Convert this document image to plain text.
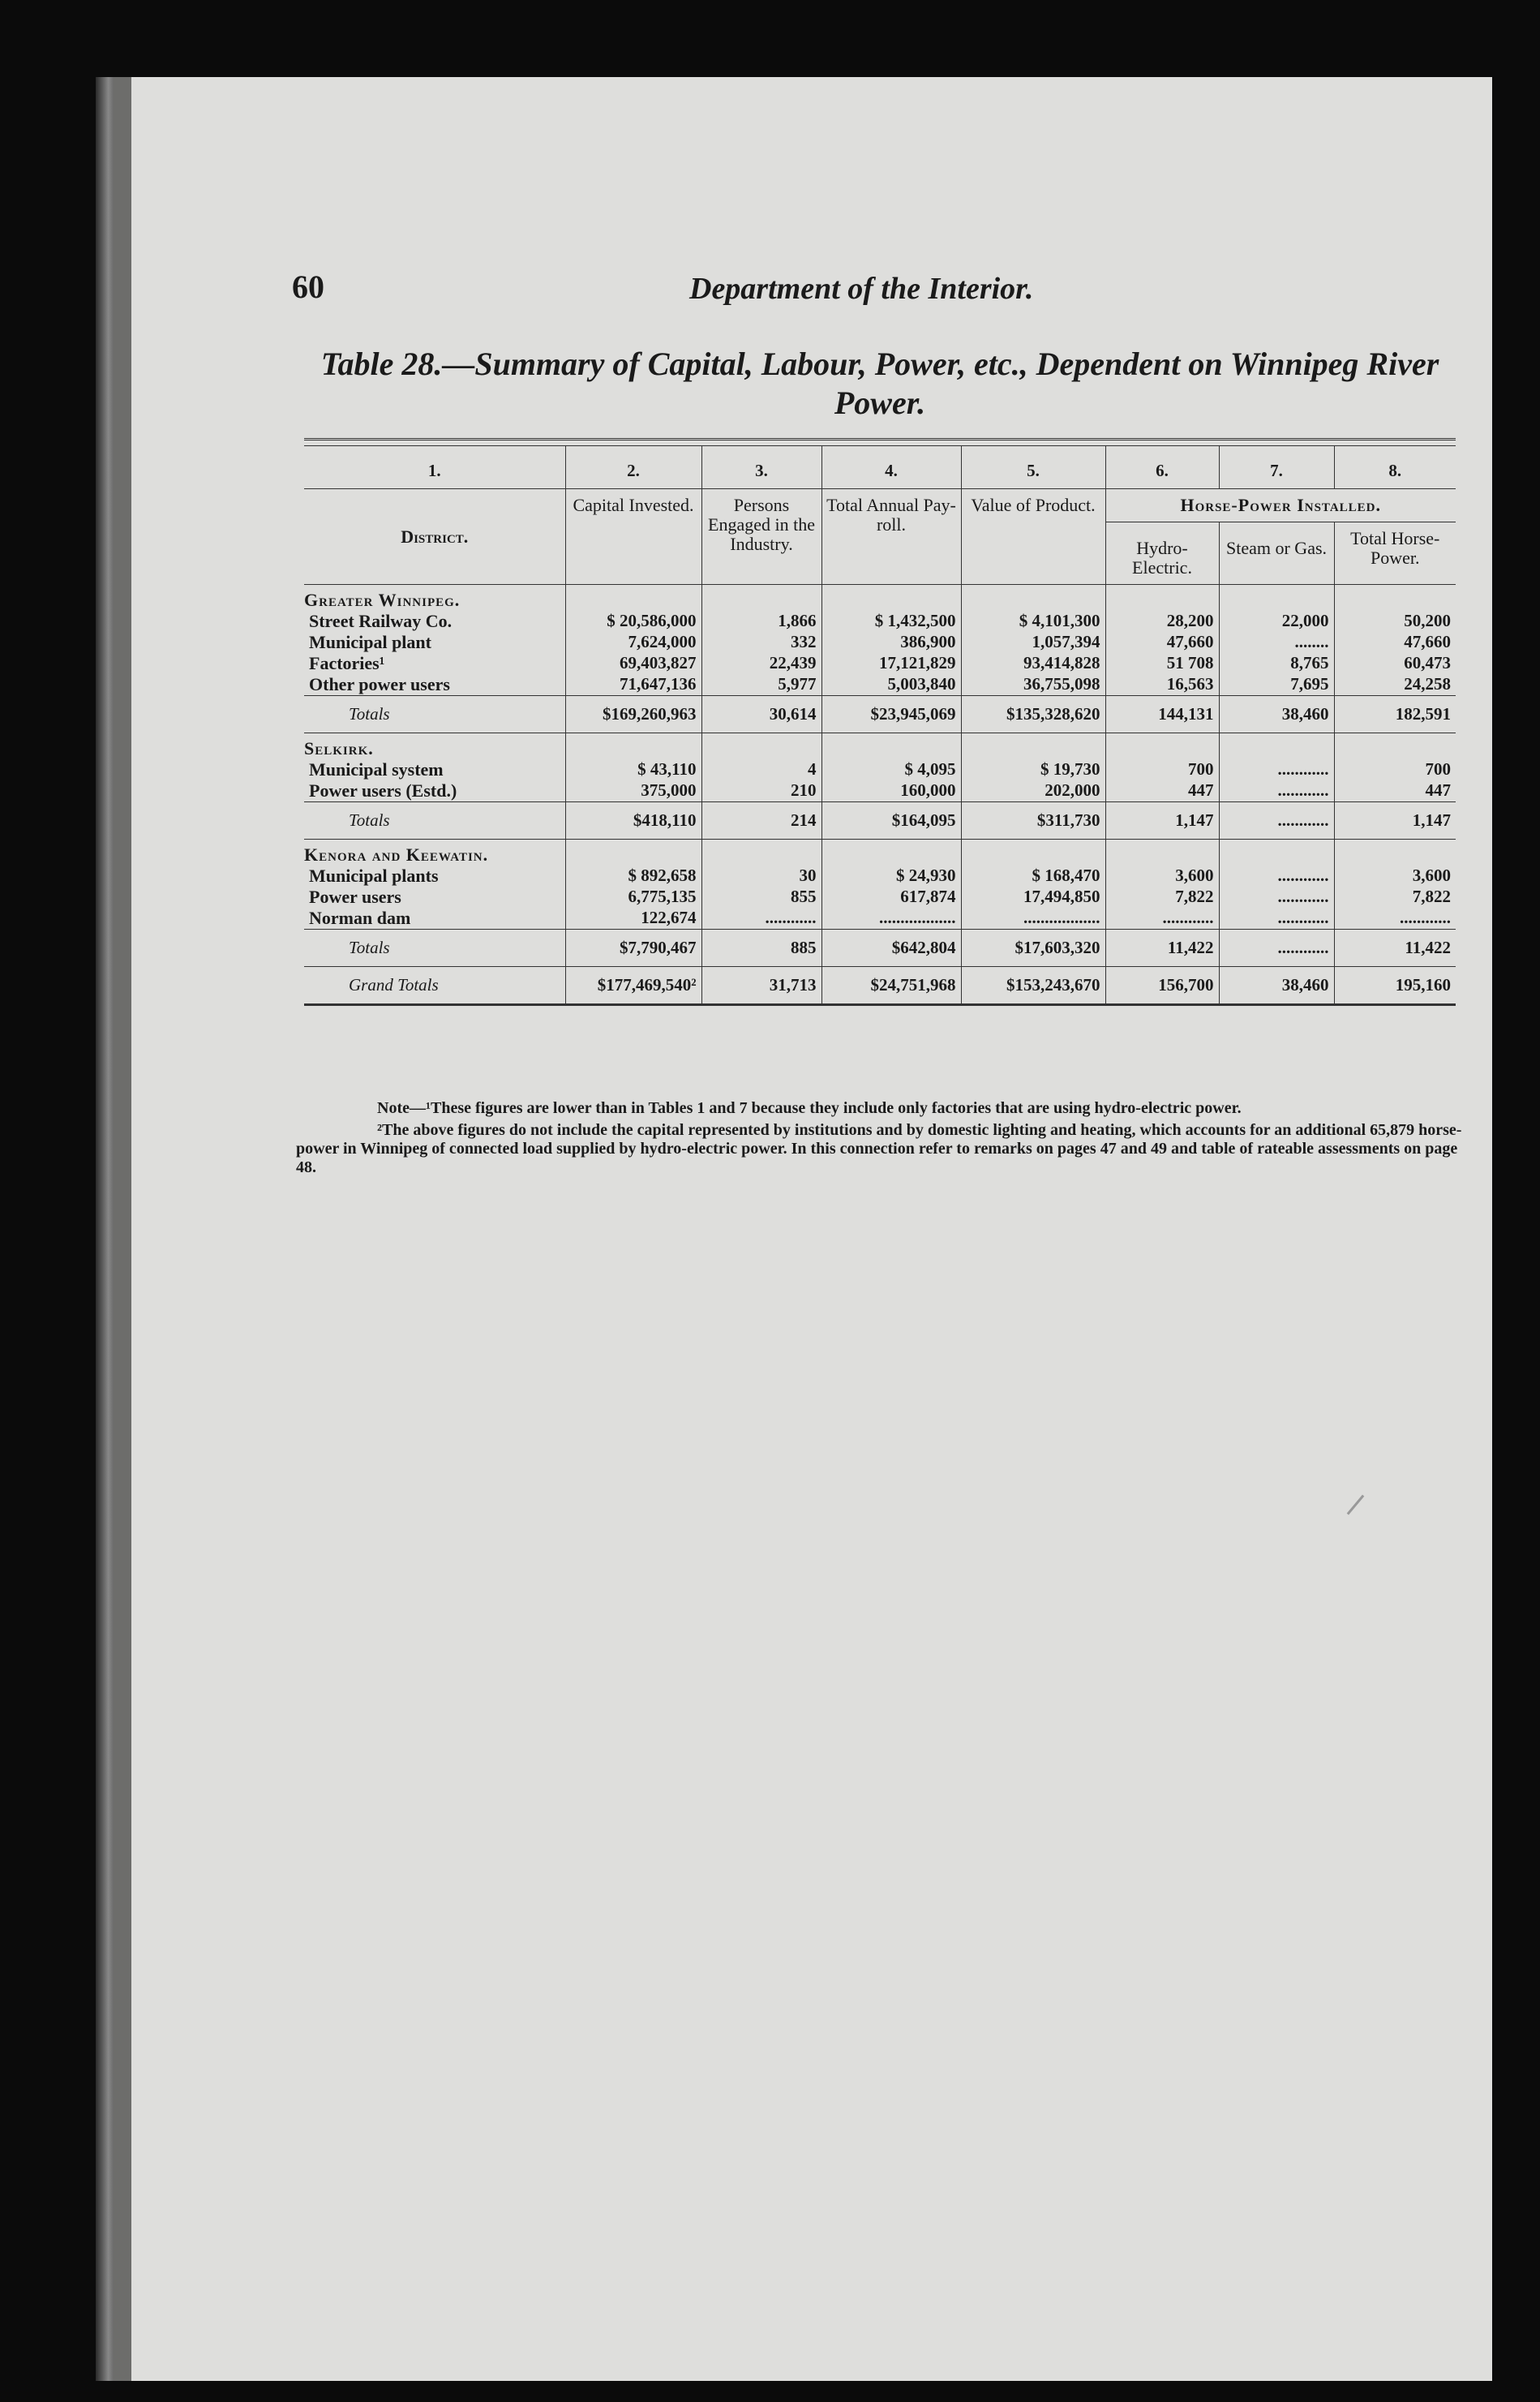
60	Department of the Interior.
Table 28.—Summary of Capital, Labour, Power, etc., Dependent on Winnipeg River Power.

1.	2.	3.	4.	5.	6.	7.	8.
District.	Capital Invested.	Persons Engaged in the Industry.	Total Annual Pay-roll.	Value of Product.	Horse-Power Installed.		
					Hydro-Electric.	Steam or Gas.	Total Horse-Power.
Greater Winnipeg.							
Street Railway Co.	$ 20,586,000	1,866	$ 1,432,500	$ 4,101,300	28,200	22,000	50,200
Municipal plant	7,624,000	332	386,900	1,057,394	47,660	........	47,660
Factories¹	69,403,827	22,439	17,121,829	93,414,828	51 708	8,765	60,473
Other power users	71,647,136	5,977	5,003,840	36,755,098	16,563	7,695	24,258
Totals	$169,260,963	30,614	$23,945,069	$135,328,620	144,131	38,460	182,591
Selkirk.							
Municipal system	$ 43,110	4	$ 4,095	$ 19,730	700	............	700
Power users (Estd.)	375,000	210	160,000	202,000	447	............	447
Totals	$418,110	214	$164,095	$311,730	1,147	............	1,147
Kenora and Keewatin.							
Municipal plants	$ 892,658	30	$ 24,930	$ 168,470	3,600	............	3,600
Power users	6,775,135	855	617,874	17,494,850	7,822	............	7,822
Norman dam	122,674	............	..................	..................	............	............	............
Totals	$7,790,467	885	$642,804	$17,603,320	11,422	............	11,422
Grand Totals	$177,469,540²	31,713	$24,751,968	$153,243,670	156,700	38,460	195,160

Note—¹These figures are lower than in Tables 1 and 7 because they include only factories that are using hydro-electric power.

²The above figures do not include the capital represented by institutions and by domestic lighting and heating, which accounts for an additional 65,879 horse-power in Winnipeg of connected load supplied by hydro-electric power. In this connection refer to remarks on pages 47 and 49 and table of rateable assessments on page 48.
